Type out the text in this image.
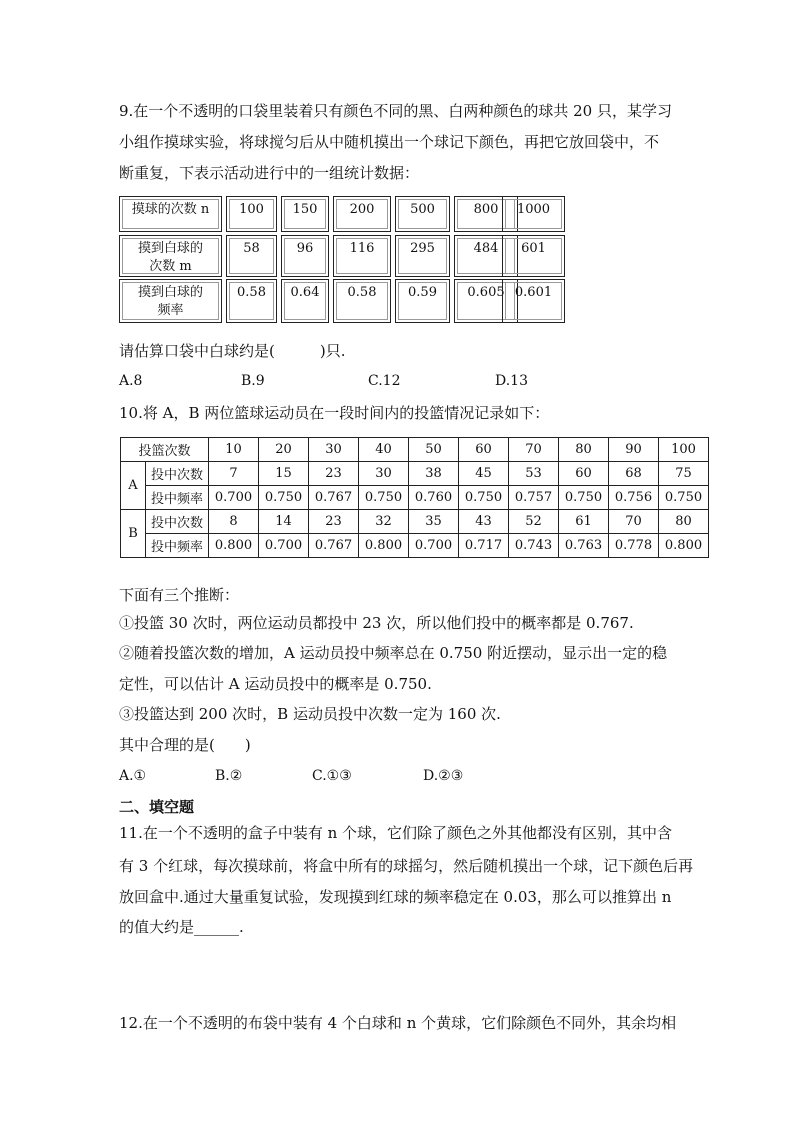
9.在一个不透明的口袋里装着只有颜色不同的黑、白两种颜色的球共 20 只，某学习
小组作摸球实验，将球搅匀后从中随机摸出一个球记下颜色，再把它放回袋中，不
断重复，下表示活动进行中的一组统计数据：
摸球的次数 n	100	150	200	500	800	1000
摸到白球的
次数 m
58	96	116	295	484	601
摸到白球的
频率
0.58	0.64	0.58	0.59	0.605 0.601
请估算口袋中白球约是(　　　)只.
A.8	B.9	C.12	D.13
10.将 A，B 两位篮球运动员在一段时间内的投篮情况记录如下：
投篮次数		10	20	30	40	50	60	70	80	90	100
A	投中次数	7	15	23	30	38	45	53	60	68	75
	投中频率	0.700	0.750	0.767	0.750	0.760	0.750	0.757	0.750	0.756	0.750
B	投中次数	8	14	23	32	35	43	52	61	70	80
	投中频率	0.800	0.700	0.767	0.800	0.700	0.717	0.743	0.763	0.778	0.800
下面有三个推断：
①投篮 30 次时，两位运动员都投中 23 次，所以他们投中的概率都是 0.767.
②随着投篮次数的增加，A 运动员投中频率总在 0.750 附近摆动，显示出一定的稳
定性，可以估计 A 运动员投中的概率是 0.750.
③投篮达到 200 次时，B 运动员投中次数一定为 160 次.
其中合理的是(　　)
A.①	B.②	C.①③	D.②③
二、填空题
11.在一个不透明的盒子中装有 n 个球，它们除了颜色之外其他都没有区别，其中含
有 3 个红球，每次摸球前，将盒中所有的球摇匀，然后随机摸出一个球，记下颜色后再
放回盒中.通过大量重复试验，发现摸到红球的频率稳定在 0.03，那么可以推算出 n
的值大约是______.
12.在一个不透明的布袋中装有 4 个白球和 n 个黄球，它们除颜色不同外，其余均相
